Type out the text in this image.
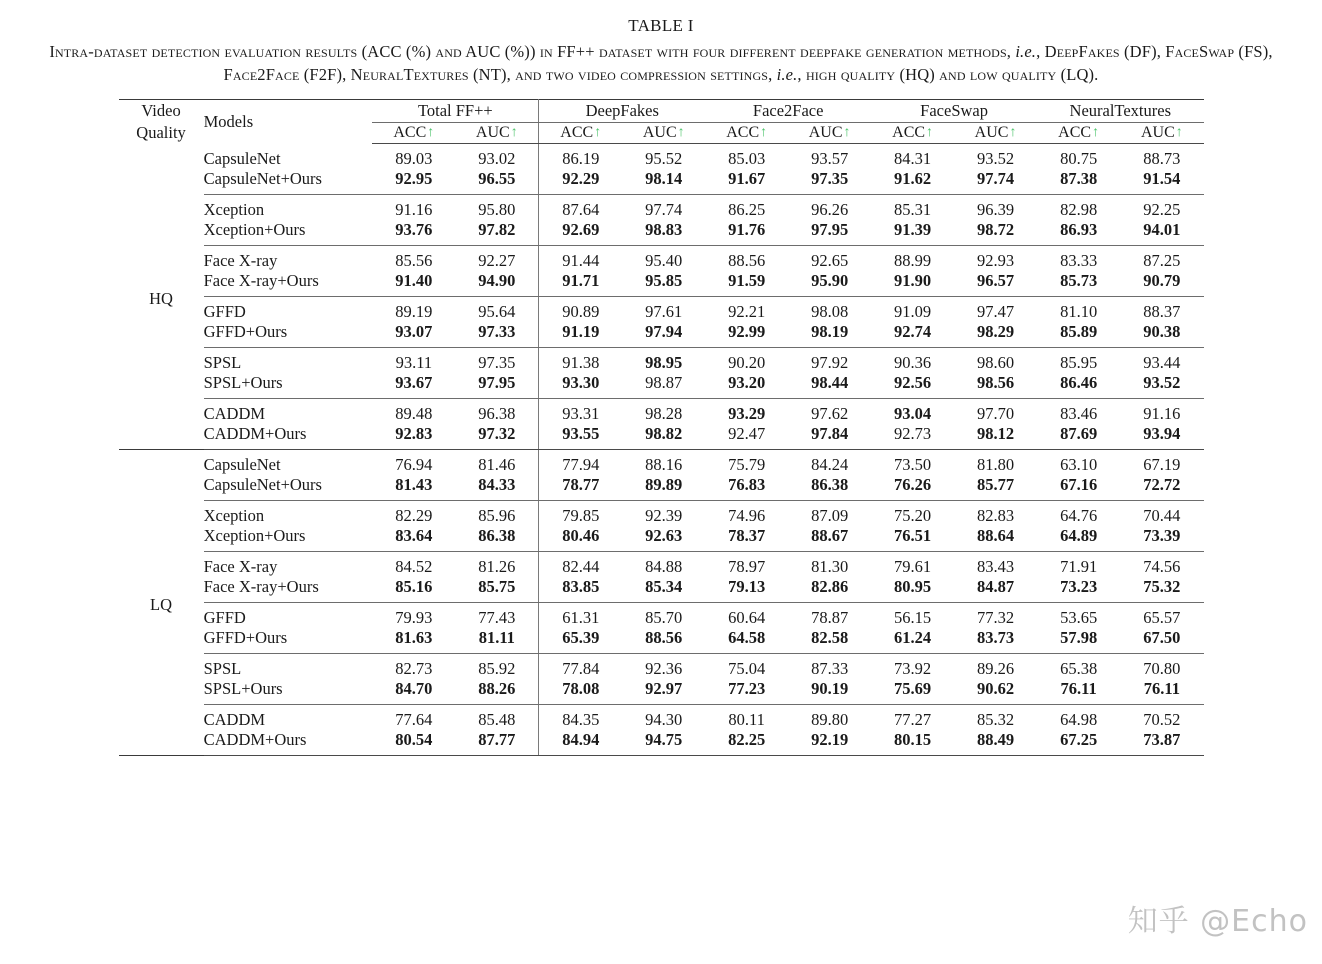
TABLE I
Intra-dataset detection evaluation results (ACC (%) and AUC (%)) in FF++ dataset with four different deepfake generation methods, i.e., DeepFakes (DF), FaceSwap (FS), Face2Face (F2F), NeuralTextures (NT), and two video compression settings, i.e., high quality (HQ) and low quality (LQ).
Video
Quality	Models	Total FF++		DeepFakes		Face2Face		FaceSwap		NeuralTextures	
		ACC↑	AUC↑	ACC↑	AUC↑	ACC↑	AUC↑	ACC↑	AUC↑	ACC↑	AUC↑
HQ	CapsuleNet	89.03	93.02	86.19	95.52	85.03	93.57	84.31	93.52	80.75	88.73
	CapsuleNet+Ours	92.95	96.55	92.29	98.14	91.67	97.35	91.62	97.74	87.38	91.54
	Xception	91.16	95.80	87.64	97.74	86.25	96.26	85.31	96.39	82.98	92.25
	Xception+Ours	93.76	97.82	92.69	98.83	91.76	97.95	91.39	98.72	86.93	94.01
	Face X-ray	85.56	92.27	91.44	95.40	88.56	92.65	88.99	92.93	83.33	87.25
	Face X-ray+Ours	91.40	94.90	91.71	95.85	91.59	95.90	91.90	96.57	85.73	90.79
	GFFD	89.19	95.64	90.89	97.61	92.21	98.08	91.09	97.47	81.10	88.37
	GFFD+Ours	93.07	97.33	91.19	97.94	92.99	98.19	92.74	98.29	85.89	90.38
	SPSL	93.11	97.35	91.38	98.95	90.20	97.92	90.36	98.60	85.95	93.44
	SPSL+Ours	93.67	97.95	93.30	98.87	93.20	98.44	92.56	98.56	86.46	93.52
	CADDM	89.48	96.38	93.31	98.28	93.29	97.62	93.04	97.70	83.46	91.16
	CADDM+Ours	92.83	97.32	93.55	98.82	92.47	97.84	92.73	98.12	87.69	93.94
LQ	CapsuleNet	76.94	81.46	77.94	88.16	75.79	84.24	73.50	81.80	63.10	67.19
	CapsuleNet+Ours	81.43	84.33	78.77	89.89	76.83	86.38	76.26	85.77	67.16	72.72
	Xception	82.29	85.96	79.85	92.39	74.96	87.09	75.20	82.83	64.76	70.44
	Xception+Ours	83.64	86.38	80.46	92.63	78.37	88.67	76.51	88.64	64.89	73.39
	Face X-ray	84.52	81.26	82.44	84.88	78.97	81.30	79.61	83.43	71.91	74.56
	Face X-ray+Ours	85.16	85.75	83.85	85.34	79.13	82.86	80.95	84.87	73.23	75.32
	GFFD	79.93	77.43	61.31	85.70	60.64	78.87	56.15	77.32	53.65	65.57
	GFFD+Ours	81.63	81.11	65.39	88.56	64.58	82.58	61.24	83.73	57.98	67.50
	SPSL	82.73	85.92	77.84	92.36	75.04	87.33	73.92	89.26	65.38	70.80
	SPSL+Ours	84.70	88.26	78.08	92.97	77.23	90.19	75.69	90.62	76.11	76.11
	CADDM	77.64	85.48	84.35	94.30	80.11	89.80	77.27	85.32	64.98	70.52
	CADDM+Ours	80.54	87.77	84.94	94.75	82.25	92.19	80.15	88.49	67.25	73.87
知乎 @Echo
